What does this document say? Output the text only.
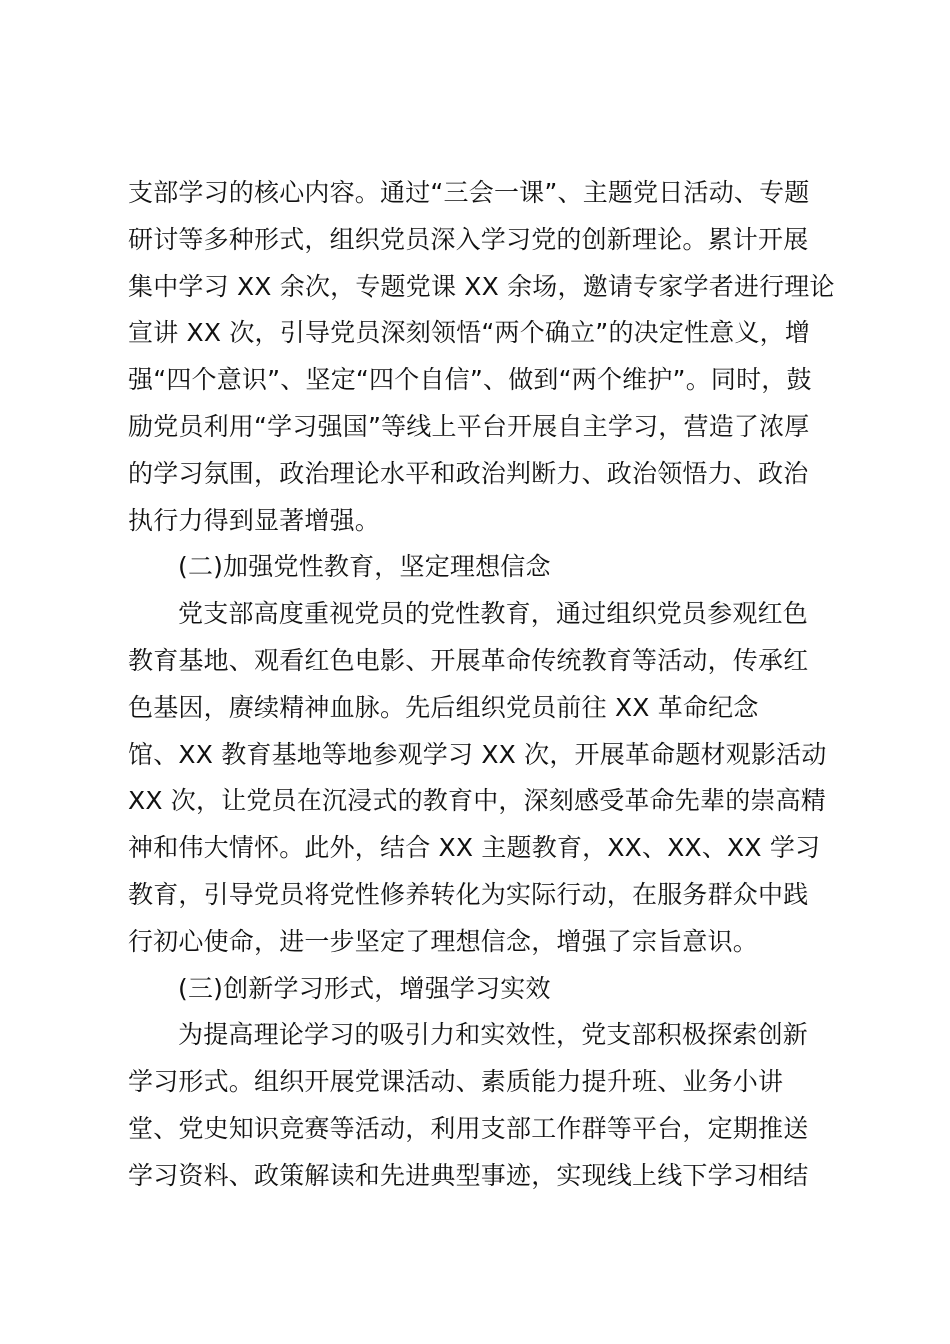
支部学习的核心内容。通过“三会一课”、主题党日活动、专题
研讨等多种形式，组织党员深入学习党的创新理论。累计开展
集中学习 XX 余次，专题党课 XX 余场，邀请专家学者进行理论
宣讲 XX 次，引导党员深刻领悟“两个确立”的决定性意义，增
强“四个意识”、坚定“四个自信”、做到“两个维护”。同时，鼓
励党员利用“学习强国”等线上平台开展自主学习，营造了浓厚
的学习氛围，政治理论水平和政治判断力、政治领悟力、政治
执行力得到显著增强。
(二)加强党性教育，坚定理想信念
党支部高度重视党员的党性教育，通过组织党员参观红色
教育基地、观看红色电影、开展革命传统教育等活动，传承红
色基因，赓续精神血脉。先后组织党员前往 XX 革命纪念
馆、XX 教育基地等地参观学习 XX 次，开展革命题材观影活动
XX 次，让党员在沉浸式的教育中，深刻感受革命先辈的崇高精
神和伟大情怀。此外，结合 XX 主题教育，XX、XX、XX 学习
教育，引导党员将党性修养转化为实际行动，在服务群众中践
行初心使命，进一步坚定了理想信念，增强了宗旨意识。
(三)创新学习形式，增强学习实效
为提高理论学习的吸引力和实效性，党支部积极探索创新
学习形式。组织开展党课活动、素质能力提升班、业务小讲
堂、党史知识竞赛等活动，利用支部工作群等平台，定期推送
学习资料、政策解读和先进典型事迹，实现线上线下学习相结
